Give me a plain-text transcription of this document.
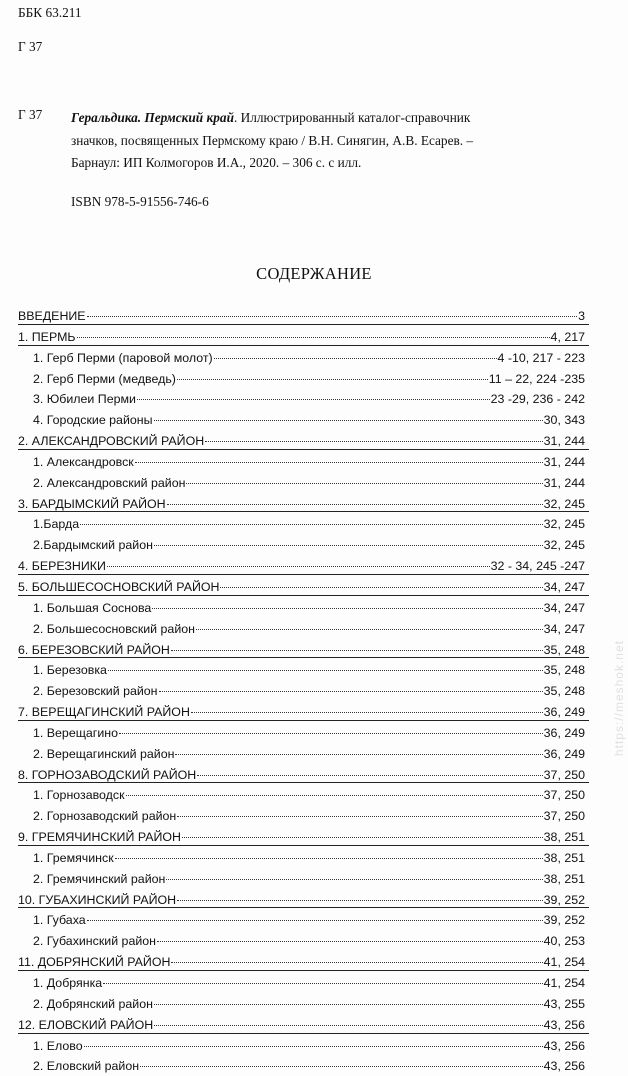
ББК 63.211
Г 37
Г 37 Геральдика. Пермский край. Иллюстрированный каталог-справочник
значков, посвященных Пермскому краю / В.Н. Синягин, А.В. Есарев. –
Барнаул: ИП Колмогоров И.А., 2020. – 306 с. с илл.
ISBN 978-5-91556-746-6
СОДЕРЖАНИЕ
ВВЕДЕНИЕ	3
1. ПЕРМЬ	4, 217
1. Герб Перми (паровой молот)	4 -10, 217 - 223
2. Герб Перми (медведь)	11 – 22, 224 -235
3. Юбилеи Перми	23 -29, 236 - 242
4. Городские районы	30, 343
2. АЛЕКСАНДРОВСКИЙ РАЙОН	31, 244
1. Александровск	31, 244
2. Александровский район	31, 244
3. БАРДЫМСКИЙ РАЙОН	32, 245
1.Барда	32, 245
2.Бардымский район	32, 245
4. БЕРЕЗНИКИ	32 - 34, 245 -247
5. БОЛЬШЕСОСНОВСКИЙ РАЙОН	34, 247
1. Большая Соснова	34, 247
2. Большесосновский район	34, 247
6. БЕРЕЗОВСКИЙ РАЙОН	35, 248
1. Березовка	35, 248
2. Березовский район	35, 248
7. ВЕРЕЩАГИНСКИЙ РАЙОН	36, 249
1. Верещагино	36, 249
2. Верещагинский район	36, 249
8. ГОРНОЗАВОДСКИЙ РАЙОН	37, 250
1. Горнозаводск	37, 250
2. Горнозаводский район	37, 250
9. ГРЕМЯЧИНСКИЙ РАЙОН	38, 251
1. Гремячинск	38, 251
2. Гремячинский район	38, 251
10. ГУБАХИНСКИЙ РАЙОН	39, 252
1. Губаха	39, 252
2. Губахинский район	40, 253
11. ДОБРЯНСКИЙ РАЙОН	41, 254
1. Добрянка	41, 254
2. Добрянский район	43, 255
12. ЕЛОВСКИЙ РАЙОН	43, 256
1. Елово	43, 256
2. Еловский район	43, 256
https://meshok.net
